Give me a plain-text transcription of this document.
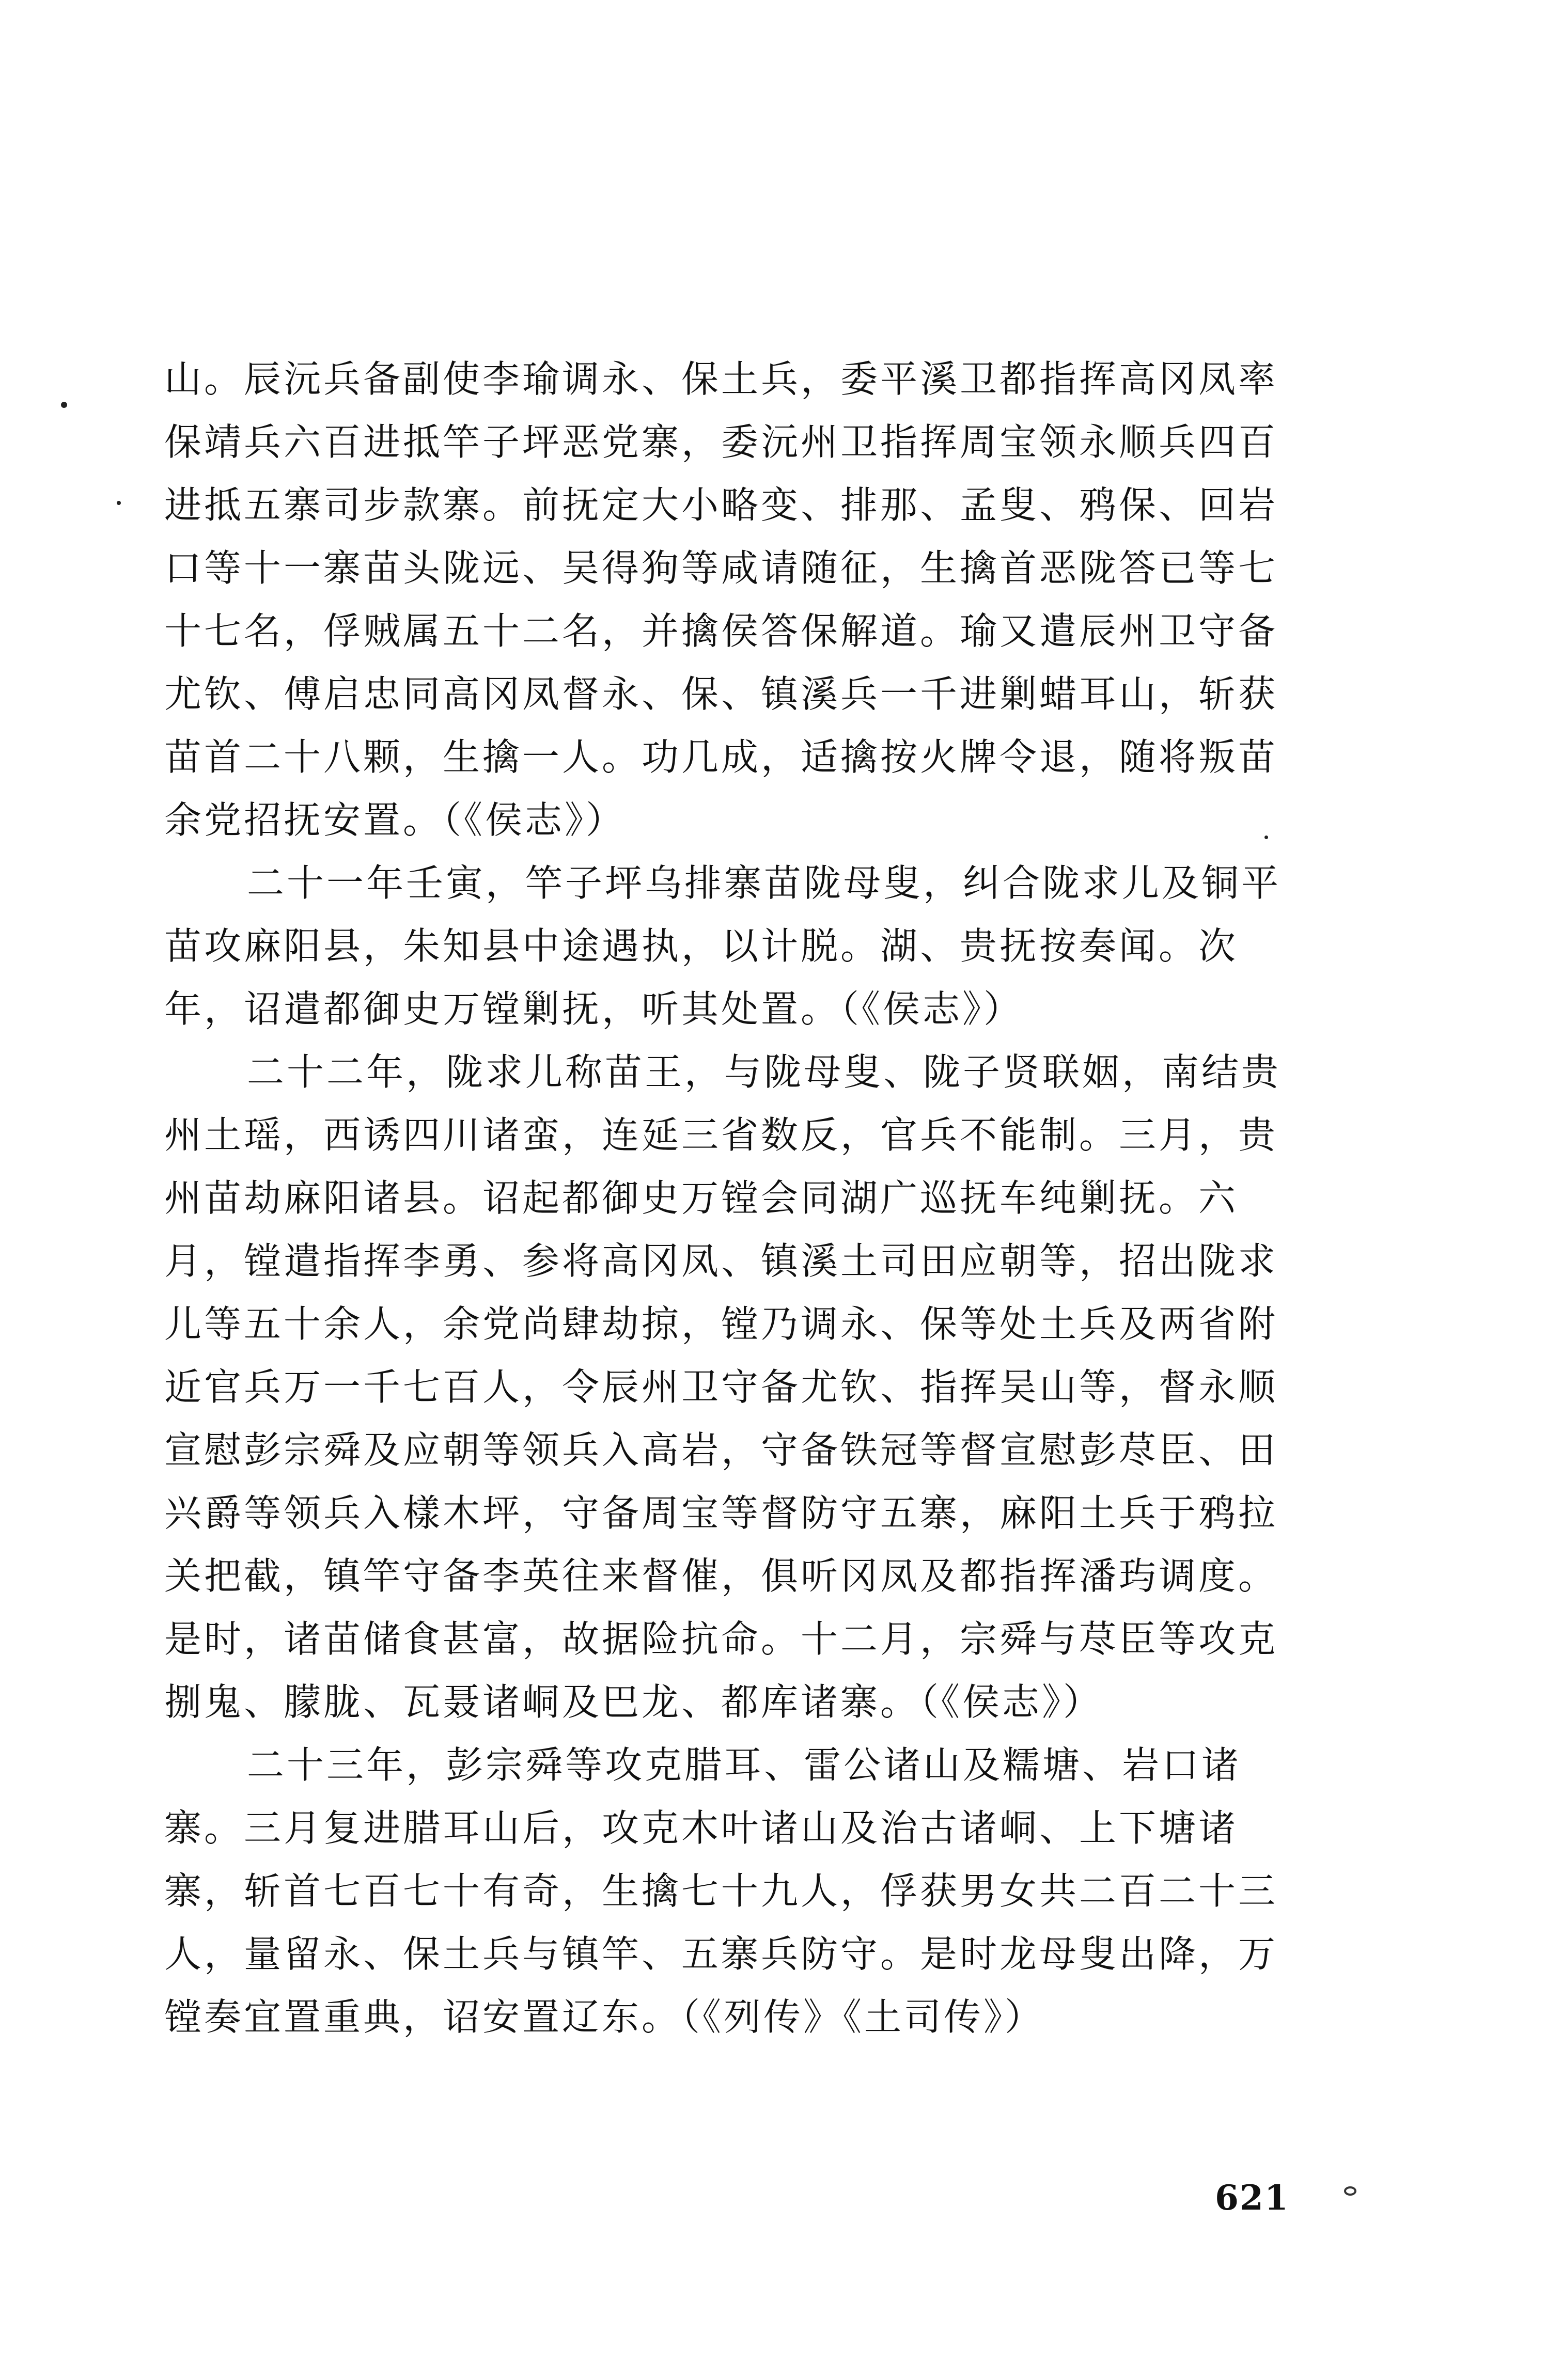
山。辰沅兵备副使李瑜调永、保土兵，委平溪卫都指挥高冈凤率
保靖兵六百进抵竿子坪恶党寨，委沅州卫指挥周宝领永顺兵四百
进抵五寨司步款寨。前抚定大小略变、排那、孟叟、鸦保、回岩
口等十一寨苗头陇远、吴得狗等咸请随征，生擒首恶陇答已等七
十七名，俘贼属五十二名，并擒侯答保解道。瑜又遣辰州卫守备
尤钦、傅启忠同高冈凤督永、保、镇溪兵一千进剿蜡耳山，斩获
苗首二十八颗，生擒一人。功几成，适擒按火牌令退，随将叛苗
余党招抚安置。（《侯志》）
二十一年壬寅，竿子坪乌排寨苗陇母叟，纠合陇求儿及铜平
苗攻麻阳县，朱知县中途遇执，以计脱。湖、贵抚按奏闻。次
年，诏遣都御史万镗剿抚，听其处置。（《侯志》）
二十二年，陇求儿称苗王，与陇母叟、陇子贤联姻，南结贵
州土瑶，西诱四川诸蛮，连延三省数反，官兵不能制。三月，贵
州苗劫麻阳诸县。诏起都御史万镗会同湖广巡抚车纯剿抚。六
月，镗遣指挥李勇、参将高冈凤、镇溪土司田应朝等，招出陇求
儿等五十余人，余党尚肆劫掠，镗乃调永、保等处土兵及两省附
近官兵万一千七百人，令辰州卫守备尤钦、指挥吴山等，督永顺
宣慰彭宗舜及应朝等领兵入高岩，守备铁冠等督宣慰彭荩臣、田
兴爵等领兵入樣木坪，守备周宝等督防守五寨，麻阳土兵于鸦拉
关把截，镇竿守备李英往来督催，俱听冈凤及都指挥潘玙调度。
是时，诸苗储食甚富，故据险抗命。十二月，宗舜与荩臣等攻克
捌鬼、朦胧、瓦聂诸峒及巴龙、都库诸寨。（《侯志》）
二十三年，彭宗舜等攻克腊耳、雷公诸山及糯塘、岩口诸
寨。三月复进腊耳山后，攻克木叶诸山及治古诸峒、上下塘诸
寨，斩首七百七十有奇，生擒七十九人，俘获男女共二百二十三
人，量留永、保土兵与镇竿、五寨兵防守。是时龙母叟出降，万
镗奏宜置重典，诏安置辽东。（《列传》《土司传》）
621
